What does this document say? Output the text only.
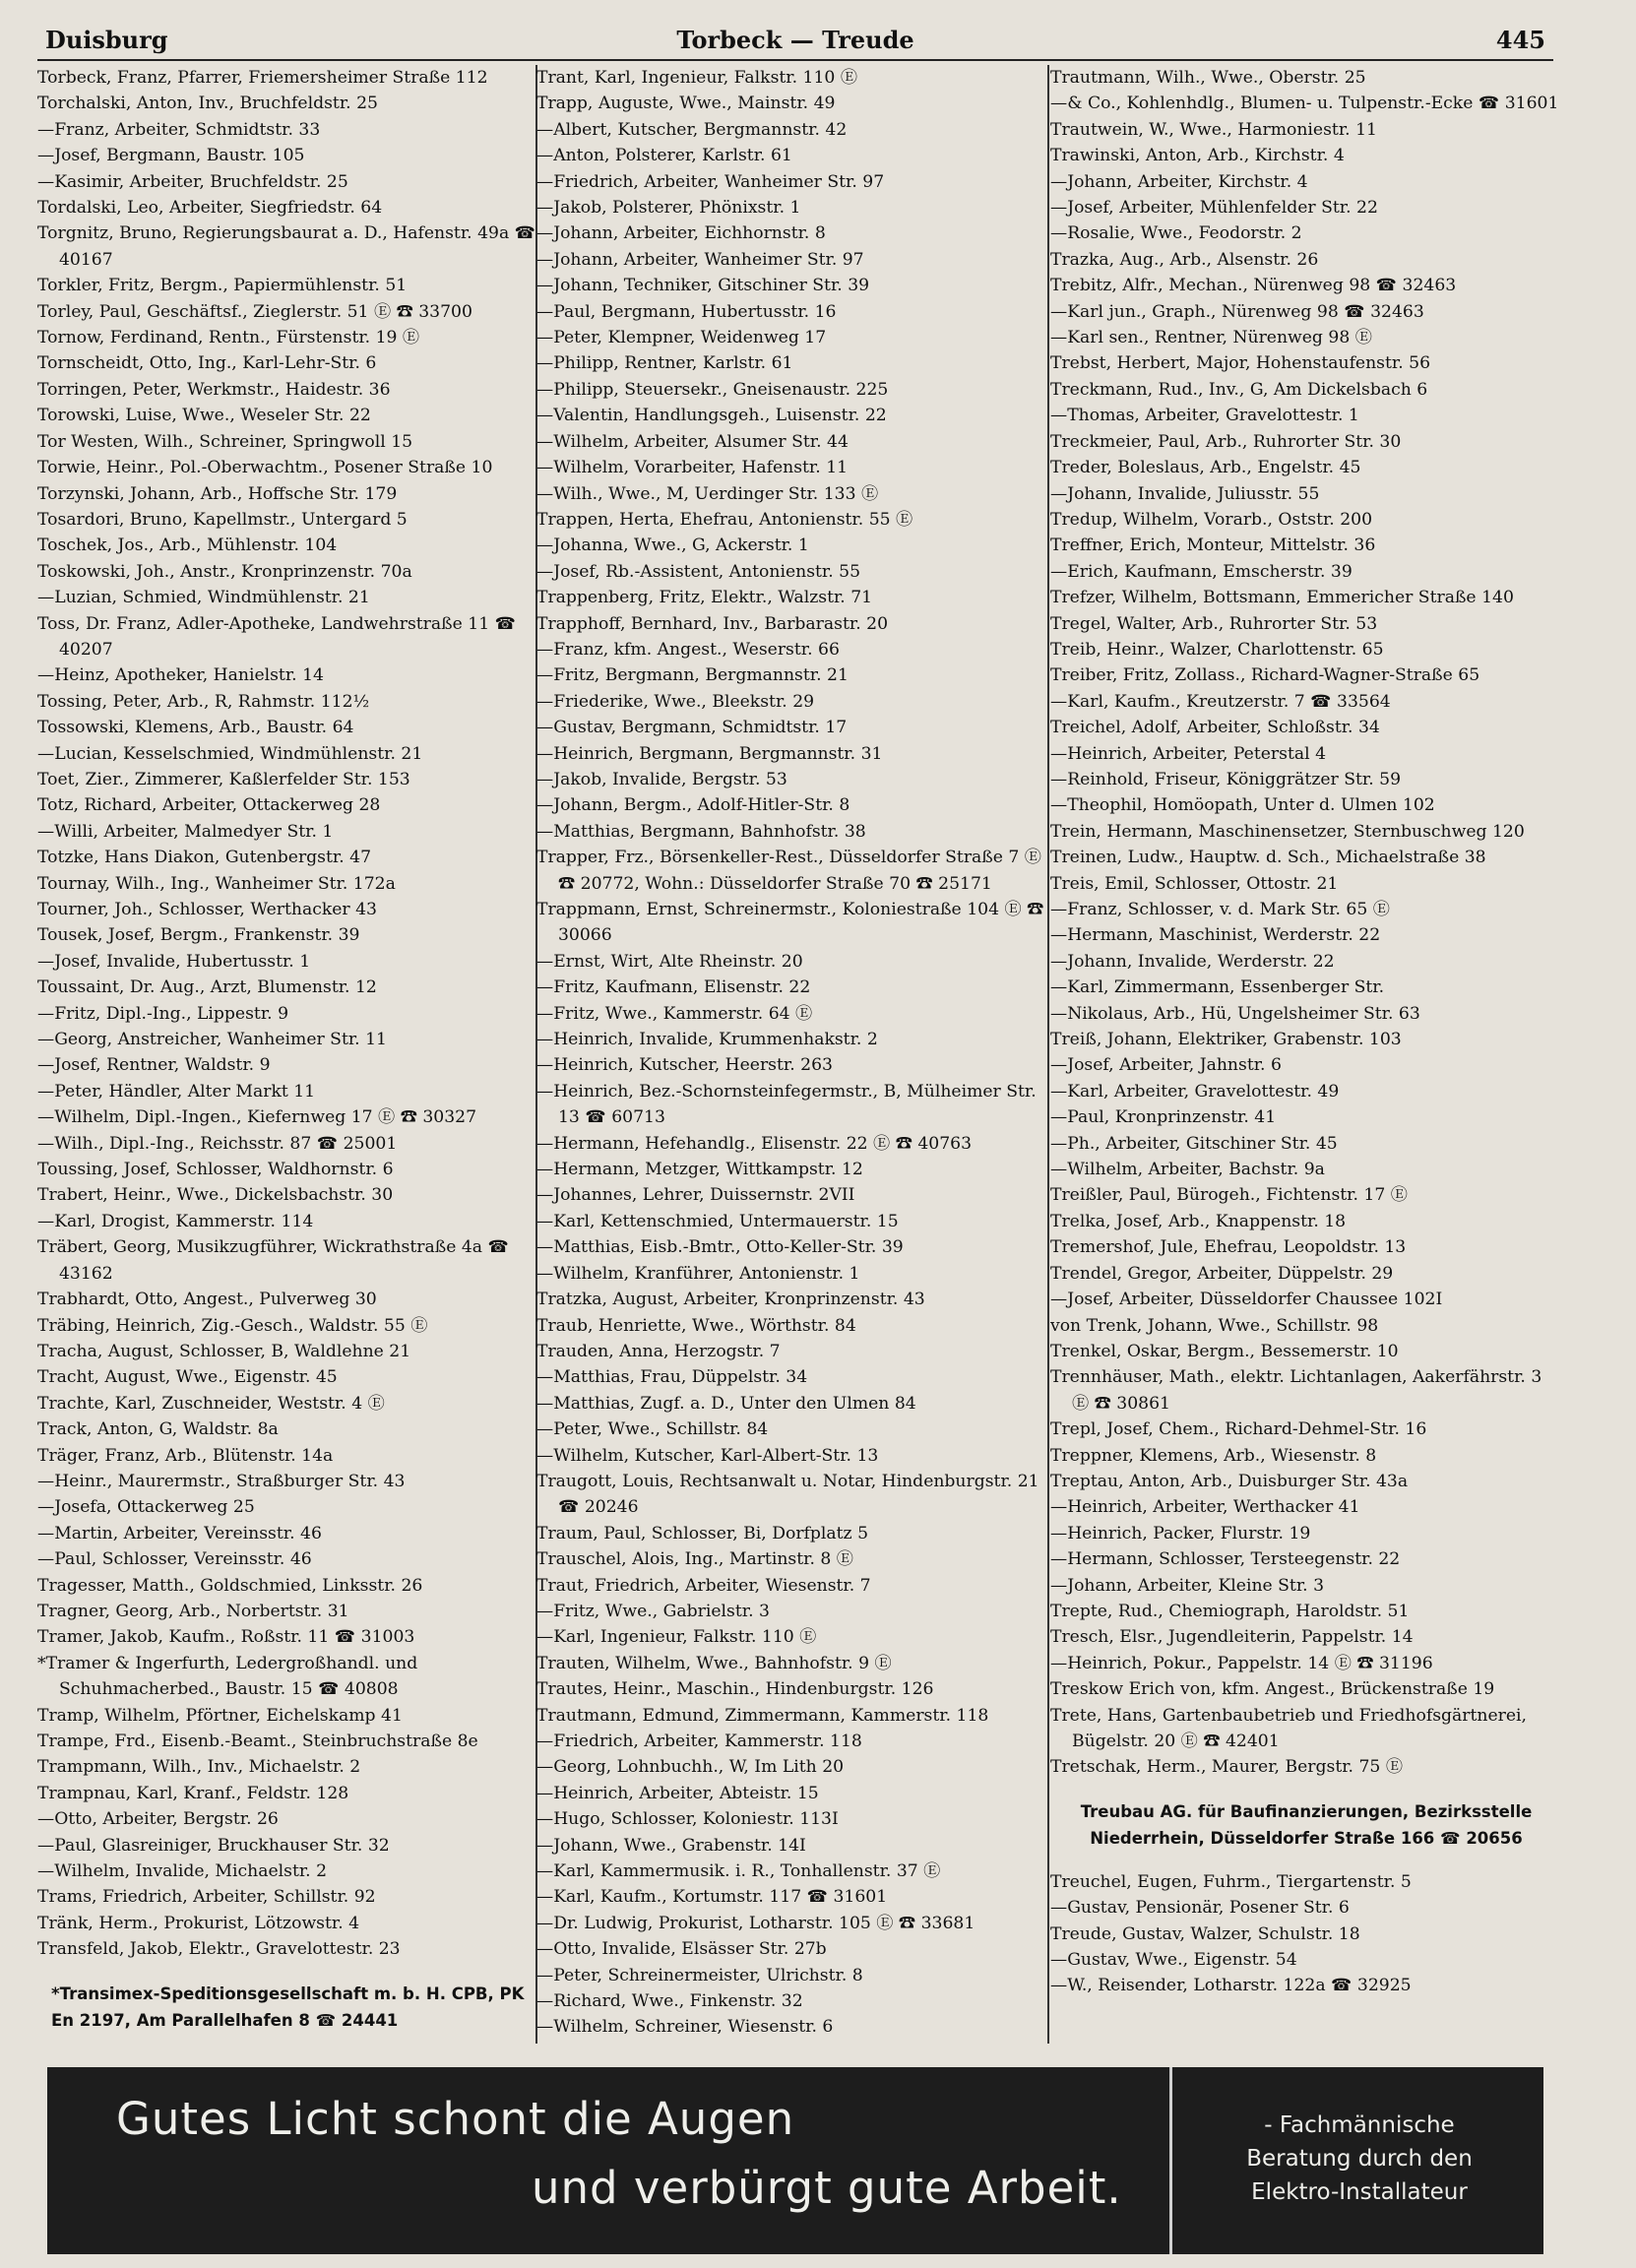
Duisburg	Torbeck — Treude	445
Torbeck, Franz, Pfarrer, Friemersheimer Straße 112
Torchalski, Anton, Inv., Bruchfeldstr. 25
—Franz, Arbeiter, Schmidtstr. 33
—Josef, Bergmann, Baustr. 105
—Kasimir, Arbeiter, Bruchfeldstr. 25
Tordalski, Leo, Arbeiter, Siegfriedstr. 64
Torgnitz, Bruno, Regierungsbaurat a. D., Hafenstr. 49a ☎ 40167
Torkler, Fritz, Bergm., Papiermühlenstr. 51
Torley, Paul, Geschäftsf., Zieglerstr. 51 Ⓔ ☎ 33700
Tornow, Ferdinand, Rentn., Fürstenstr. 19 Ⓔ
Tornscheidt, Otto, Ing., Karl-Lehr-Str. 6
Torringen, Peter, Werkmstr., Haidestr. 36
Torowski, Luise, Wwe., Weseler Str. 22
Tor Westen, Wilh., Schreiner, Springwoll 15
Torwie, Heinr., Pol.-Oberwachtm., Posener Straße 10
Torzynski, Johann, Arb., Hoffsche Str. 179
Tosardori, Bruno, Kapellmstr., Untergard 5
Toschek, Jos., Arb., Mühlenstr. 104
Toskowski, Joh., Anstr., Kronprinzenstr. 70a
—Luzian, Schmied, Windmühlenstr. 21
Toss, Dr. Franz, Adler-Apotheke, Landwehrstraße 11 ☎ 40207
—Heinz, Apotheker, Hanielstr. 14
Tossing, Peter, Arb., R, Rahmstr. 112½
Tossowski, Klemens, Arb., Baustr. 64
—Lucian, Kesselschmied, Windmühlenstr. 21
Toet, Zier., Zimmerer, Kaßlerfelder Str. 153
Totz, Richard, Arbeiter, Ottackerweg 28
—Willi, Arbeiter, Malmedyer Str. 1
Totzke, Hans Diakon, Gutenbergstr. 47
Tournay, Wilh., Ing., Wanheimer Str. 172a
Tourner, Joh., Schlosser, Werthacker 43
Tousek, Josef, Bergm., Frankenstr. 39
—Josef, Invalide, Hubertusstr. 1
Toussaint, Dr. Aug., Arzt, Blumenstr. 12
—Fritz, Dipl.-Ing., Lippestr. 9
—Georg, Anstreicher, Wanheimer Str. 11
—Josef, Rentner, Waldstr. 9
—Peter, Händler, Alter Markt 11
—Wilhelm, Dipl.-Ingen., Kiefernweg 17 Ⓔ ☎ 30327
—Wilh., Dipl.-Ing., Reichsstr. 87 ☎ 25001
Toussing, Josef, Schlosser, Waldhornstr. 6
Trabert, Heinr., Wwe., Dickelsbachstr. 30
—Karl, Drogist, Kammerstr. 114
Träbert, Georg, Musikzugführer, Wickrathstraße 4a ☎ 43162
Trabhardt, Otto, Angest., Pulverweg 30
Träbing, Heinrich, Zig.-Gesch., Waldstr. 55 Ⓔ
Tracha, August, Schlosser, B, Waldlehne 21
Tracht, August, Wwe., Eigenstr. 45
Trachte, Karl, Zuschneider, Weststr. 4 Ⓔ
Track, Anton, G, Waldstr. 8a
Träger, Franz, Arb., Blütenstr. 14a
—Heinr., Maurermstr., Straßburger Str. 43
—Josefa, Ottackerweg 25
—Martin, Arbeiter, Vereinsstr. 46
—Paul, Schlosser, Vereinsstr. 46
Tragesser, Matth., Goldschmied, Linksstr. 26
Tragner, Georg, Arb., Norbertstr. 31
Tramer, Jakob, Kaufm., Roßstr. 11 ☎ 31003
*Tramer & Ingerfurth, Ledergroßhandl. und Schuhmacherbed., Baustr. 15 ☎ 40808
Tramp, Wilhelm, Pförtner, Eichelskamp 41
Trampe, Frd., Eisenb.-Beamt., Steinbruchstraße 8e
Trampmann, Wilh., Inv., Michaelstr. 2
Trampnau, Karl, Kranf., Feldstr. 128
—Otto, Arbeiter, Bergstr. 26
—Paul, Glasreiniger, Bruckhauser Str. 32
—Wilhelm, Invalide, Michaelstr. 2
Trams, Friedrich, Arbeiter, Schillstr. 92
Tränk, Herm., Prokurist, Lötzowstr. 4
Transfeld, Jakob, Elektr., Gravelottestr. 23
*Transimex-Speditionsgesellschaft m. b. H. CPB, PK En 2197, Am Parallelhafen 8 ☎ 24441
Trant, Karl, Ingenieur, Falkstr. 110 Ⓔ
Trapp, Auguste, Wwe., Mainstr. 49
—Albert, Kutscher, Bergmannstr. 42
—Anton, Polsterer, Karlstr. 61
—Friedrich, Arbeiter, Wanheimer Str. 97
—Jakob, Polsterer, Phönixstr. 1
—Johann, Arbeiter, Eichhornstr. 8
—Johann, Arbeiter, Wanheimer Str. 97
—Johann, Techniker, Gitschiner Str. 39
—Paul, Bergmann, Hubertusstr. 16
—Peter, Klempner, Weidenweg 17
—Philipp, Rentner, Karlstr. 61
—Philipp, Steuersekr., Gneisenaustr. 225
—Valentin, Handlungsgeh., Luisenstr. 22
—Wilhelm, Arbeiter, Alsumer Str. 44
—Wilhelm, Vorarbeiter, Hafenstr. 11
—Wilh., Wwe., M, Uerdinger Str. 133 Ⓔ
Trappen, Herta, Ehefrau, Antonienstr. 55 Ⓔ
—Johanna, Wwe., G, Ackerstr. 1
—Josef, Rb.-Assistent, Antonienstr. 55
Trappenberg, Fritz, Elektr., Walzstr. 71
Trapphoff, Bernhard, Inv., Barbarastr. 20
—Franz, kfm. Angest., Weserstr. 66
—Fritz, Bergmann, Bergmannstr. 21
—Friederike, Wwe., Bleekstr. 29
—Gustav, Bergmann, Schmidtstr. 17
—Heinrich, Bergmann, Bergmannstr. 31
—Jakob, Invalide, Bergstr. 53
—Johann, Bergm., Adolf-Hitler-Str. 8
—Matthias, Bergmann, Bahnhofstr. 38
Trapper, Frz., Börsenkeller-Rest., Düsseldorfer Straße 7 Ⓔ ☎ 20772, Wohn.: Düsseldorfer Straße 70 ☎ 25171
Trappmann, Ernst, Schreinermstr., Koloniestraße 104 Ⓔ ☎ 30066
—Ernst, Wirt, Alte Rheinstr. 20
—Fritz, Kaufmann, Elisenstr. 22
—Fritz, Wwe., Kammerstr. 64 Ⓔ
—Heinrich, Invalide, Krummenhakstr. 2
—Heinrich, Kutscher, Heerstr. 263
—Heinrich, Bez.-Schornsteinfegermstr., B, Mülheimer Str. 13 ☎ 60713
—Hermann, Hefehandlg., Elisenstr. 22 Ⓔ ☎ 40763
—Hermann, Metzger, Wittkampstr. 12
—Johannes, Lehrer, Duissernstr. 2VII
—Karl, Kettenschmied, Untermauerstr. 15
—Matthias, Eisb.-Bmtr., Otto-Keller-Str. 39
—Wilhelm, Kranführer, Antonienstr. 1
Tratzka, August, Arbeiter, Kronprinzenstr. 43
Traub, Henriette, Wwe., Wörthstr. 84
Trauden, Anna, Herzogstr. 7
—Matthias, Frau, Düppelstr. 34
—Matthias, Zugf. a. D., Unter den Ulmen 84
—Peter, Wwe., Schillstr. 84
—Wilhelm, Kutscher, Karl-Albert-Str. 13
Traugott, Louis, Rechtsanwalt u. Notar, Hindenburgstr. 21 ☎ 20246
Traum, Paul, Schlosser, Bi, Dorfplatz 5
Trauschel, Alois, Ing., Martinstr. 8 Ⓔ
Traut, Friedrich, Arbeiter, Wiesenstr. 7
—Fritz, Wwe., Gabrielstr. 3
—Karl, Ingenieur, Falkstr. 110 Ⓔ
Trauten, Wilhelm, Wwe., Bahnhofstr. 9 Ⓔ
Trautes, Heinr., Maschin., Hindenburgstr. 126
Trautmann, Edmund, Zimmermann, Kammerstr. 118
—Friedrich, Arbeiter, Kammerstr. 118
—Georg, Lohnbuchh., W, Im Lith 20
—Heinrich, Arbeiter, Abteistr. 15
—Hugo, Schlosser, Koloniestr. 113I
—Johann, Wwe., Grabenstr. 14I
—Karl, Kammermusik. i. R., Tonhallenstr. 37 Ⓔ
—Karl, Kaufm., Kortumstr. 117 ☎ 31601
—Dr. Ludwig, Prokurist, Lotharstr. 105 Ⓔ ☎ 33681
—Otto, Invalide, Elsässer Str. 27b
—Peter, Schreinermeister, Ulrichstr. 8
—Richard, Wwe., Finkenstr. 32
—Wilhelm, Schreiner, Wiesenstr. 6
Trautmann, Wilh., Wwe., Oberstr. 25
—& Co., Kohlenhdlg., Blumen- u. Tulpenstr.-Ecke ☎ 31601
Trautwein, W., Wwe., Harmoniestr. 11
Trawinski, Anton, Arb., Kirchstr. 4
—Johann, Arbeiter, Kirchstr. 4
—Josef, Arbeiter, Mühlenfelder Str. 22
—Rosalie, Wwe., Feodorstr. 2
Trazka, Aug., Arb., Alsenstr. 26
Trebitz, Alfr., Mechan., Nürenweg 98 ☎ 32463
—Karl jun., Graph., Nürenweg 98 ☎ 32463
—Karl sen., Rentner, Nürenweg 98 Ⓔ
Trebst, Herbert, Major, Hohenstaufenstr. 56
Treckmann, Rud., Inv., G, Am Dickelsbach 6
—Thomas, Arbeiter, Gravelottestr. 1
Treckmeier, Paul, Arb., Ruhrorter Str. 30
Treder, Boleslaus, Arb., Engelstr. 45
—Johann, Invalide, Juliusstr. 55
Tredup, Wilhelm, Vorarb., Oststr. 200
Treffner, Erich, Monteur, Mittelstr. 36
—Erich, Kaufmann, Emscherstr. 39
Trefzer, Wilhelm, Bottsmann, Emmericher Straße 140
Tregel, Walter, Arb., Ruhrorter Str. 53
Treib, Heinr., Walzer, Charlottenstr. 65
Treiber, Fritz, Zollass., Richard-Wagner-Straße 65
—Karl, Kaufm., Kreutzerstr. 7 ☎ 33564
Treichel, Adolf, Arbeiter, Schloßstr. 34
—Heinrich, Arbeiter, Peterstal 4
—Reinhold, Friseur, Königgrätzer Str. 59
—Theophil, Homöopath, Unter d. Ulmen 102
Trein, Hermann, Maschinensetzer, Sternbuschweg 120
Treinen, Ludw., Hauptw. d. Sch., Michaelstraße 38
Treis, Emil, Schlosser, Ottostr. 21
—Franz, Schlosser, v. d. Mark Str. 65 Ⓔ
—Hermann, Maschinist, Werderstr. 22
—Johann, Invalide, Werderstr. 22
—Karl, Zimmermann, Essenberger Str.
—Nikolaus, Arb., Hü, Ungelsheimer Str. 63
Treiß, Johann, Elektriker, Grabenstr. 103
—Josef, Arbeiter, Jahnstr. 6
—Karl, Arbeiter, Gravelottestr. 49
—Paul, Kronprinzenstr. 41
—Ph., Arbeiter, Gitschiner Str. 45
—Wilhelm, Arbeiter, Bachstr. 9a
Treißler, Paul, Bürogeh., Fichtenstr. 17 Ⓔ
Trelka, Josef, Arb., Knappenstr. 18
Tremershof, Jule, Ehefrau, Leopoldstr. 13
Trendel, Gregor, Arbeiter, Düppelstr. 29
—Josef, Arbeiter, Düsseldorfer Chaussee 102I
von Trenk, Johann, Wwe., Schillstr. 98
Trenkel, Oskar, Bergm., Bessemerstr. 10
Trennhäuser, Math., elektr. Lichtanlagen, Aakerfährstr. 3 Ⓔ ☎ 30861
Trepl, Josef, Chem., Richard-Dehmel-Str. 16
Treppner, Klemens, Arb., Wiesenstr. 8
Treptau, Anton, Arb., Duisburger Str. 43a
—Heinrich, Arbeiter, Werthacker 41
—Heinrich, Packer, Flurstr. 19
—Hermann, Schlosser, Tersteegenstr. 22
—Johann, Arbeiter, Kleine Str. 3
Trepte, Rud., Chemiograph, Haroldstr. 51
Tresch, Elsr., Jugendleiterin, Pappelstr. 14
—Heinrich, Pokur., Pappelstr. 14 Ⓔ ☎ 31196
Treskow Erich von, kfm. Angest., Brückenstraße 19
Trete, Hans, Gartenbaubetrieb und Friedhofsgärtnerei, Bügelstr. 20 Ⓔ ☎ 42401
Tretschak, Herm., Maurer, Bergstr. 75 Ⓔ
Treubau AG. für Baufinanzierungen, Bezirksstelle Niederrhein, Düsseldorfer Straße 166 ☎ 20656
Treuchel, Eugen, Fuhrm., Tiergartenstr. 5
—Gustav, Pensionär, Posener Str. 6
Treude, Gustav, Walzer, Schulstr. 18
—Gustav, Wwe., Eigenstr. 54
—W., Reisender, Lotharstr. 122a ☎ 32925
Gutes Licht schont die Augen
und verbürgt gute Arbeit.
- Fachmännische
Beratung durch den
Elektro-Installateur
